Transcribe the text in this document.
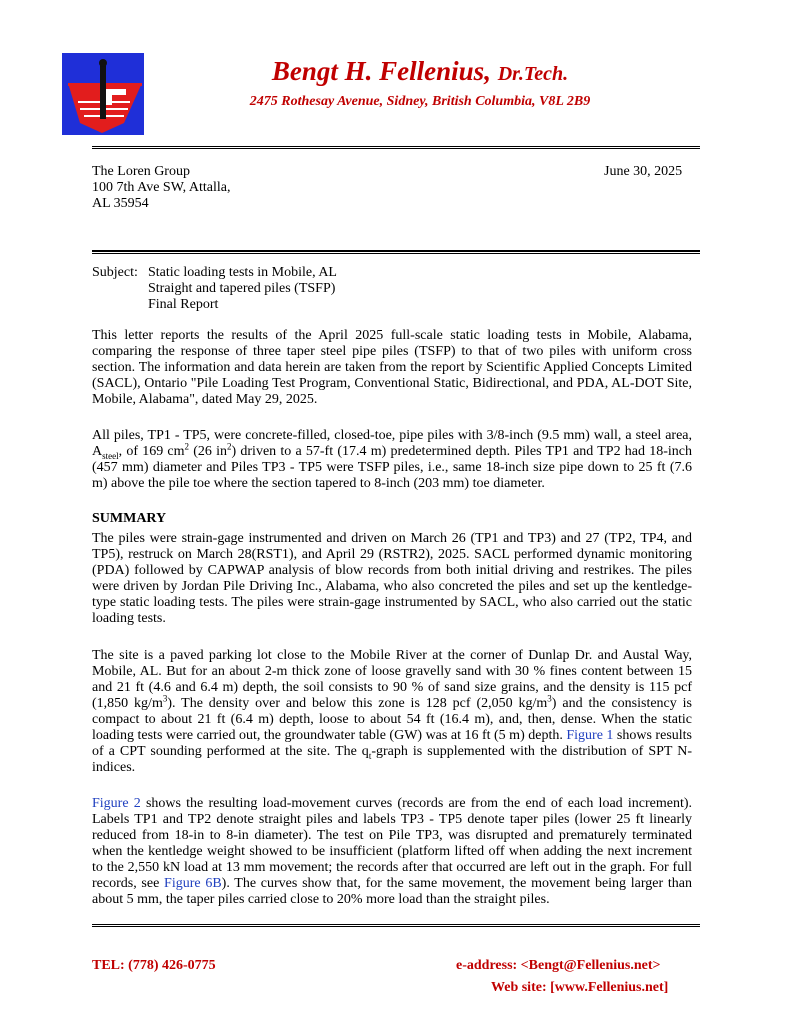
Bengt H. Fellenius, Dr.Tech.
2475 Rothesay Avenue, Sidney, British Columbia, V8L 2B9
The Loren Group
100 7th Ave SW, Attalla,
AL 35954
June 30, 2025
Subject: Static loading tests in Mobile, AL
Straight and tapered piles (TSFP)
Final Report
This letter reports the results of the April 2025 full-scale static loading tests in Mobile, Alabama, comparing the response of three taper steel pipe piles (TSFP) to that of two piles with uniform cross section. The information and data herein are taken from the report by Scientific Applied Concepts Limited (SACL), Ontario "Pile Loading Test Program, Conventional Static, Bidirectional, and PDA, AL-DOT Site, Mobile, Alabama", dated May 29, 2025.
All piles, TP1 - TP5, were concrete-filled, closed-toe, pipe piles with 3/8-inch (9.5 mm) wall, a steel area, $A_{steel}$, of 169 $cm^2$ (26 $in^2$) driven to a 57-ft (17.4 m) predetermined depth. Piles TP1 and TP2 had 18-inch (457 mm) diameter and Piles TP3 - TP5 were TSFP piles, i.e., same 18-inch size pipe down to 25 ft (7.6 m) above the pile toe where the section tapered to 8-inch (203 mm) toe diameter.
SUMMARY
The piles were strain-gage instrumented and driven on March 26 (TP1 and TP3) and 27 (TP2, TP4, and TP5), restruck on March 28(RST1), and April 29 (RSTR2), 2025. SACL performed dynamic monitoring (PDA) followed by CAPWAP analysis of blow records from both initial driving and restrikes. The piles were driven by Jordan Pile Driving Inc., Alabama, who also concreted the piles and set up the kentledge-type static loading tests. The piles were strain-gage instrumented by SACL, who also carried out the static loading tests.
The site is a paved parking lot close to the Mobile River at the corner of Dunlap Dr. and Austal Way, Mobile, AL. But for an about 2-m thick zone of loose gravelly sand with 30 % fines content between 15 and 21 ft (4.6 and 6.4 m) depth, the soil consists to 90 % of sand size grains, and the density is 115 pcf (1,850 $kg/m^3$). The density over and below this zone is 128 pcf (2,050 $kg/m^3$) and the consistency is compact to about 21 ft (6.4 m) depth, loose to about 54 ft (16.4 m), and, then, dense. When the static loading tests were carried out, the groundwater table (GW) was at 16 ft (5 m) depth. Figure 1 shows results of a CPT sounding performed at the site. The $q_t$-graph is supplemented with the distribution of SPT N-indices.
Figure 2 shows the resulting load-movement curves (records are from the end of each load increment). Labels TP1 and TP2 denote straight piles and labels TP3 - TP5 denote taper piles (lower 25 ft linearly reduced from 18-in to 8-in diameter). The test on Pile TP3, was disrupted and prematurely terminated when the kentledge weight showed to be insufficient (platform lifted off when adding the next increment to the 2,550 kN load at 13 mm movement; the records after that occurred are left out in the graph. For full records, see Figure 6B). The curves show that, for the same movement, the movement being larger than about 5 mm, the taper piles carried close to 20% more load than the straight piles.
TEL: (778) 426-0775	e-address: <Bengt@Fellenius.net>
Web site: [www.Fellenius.net]
